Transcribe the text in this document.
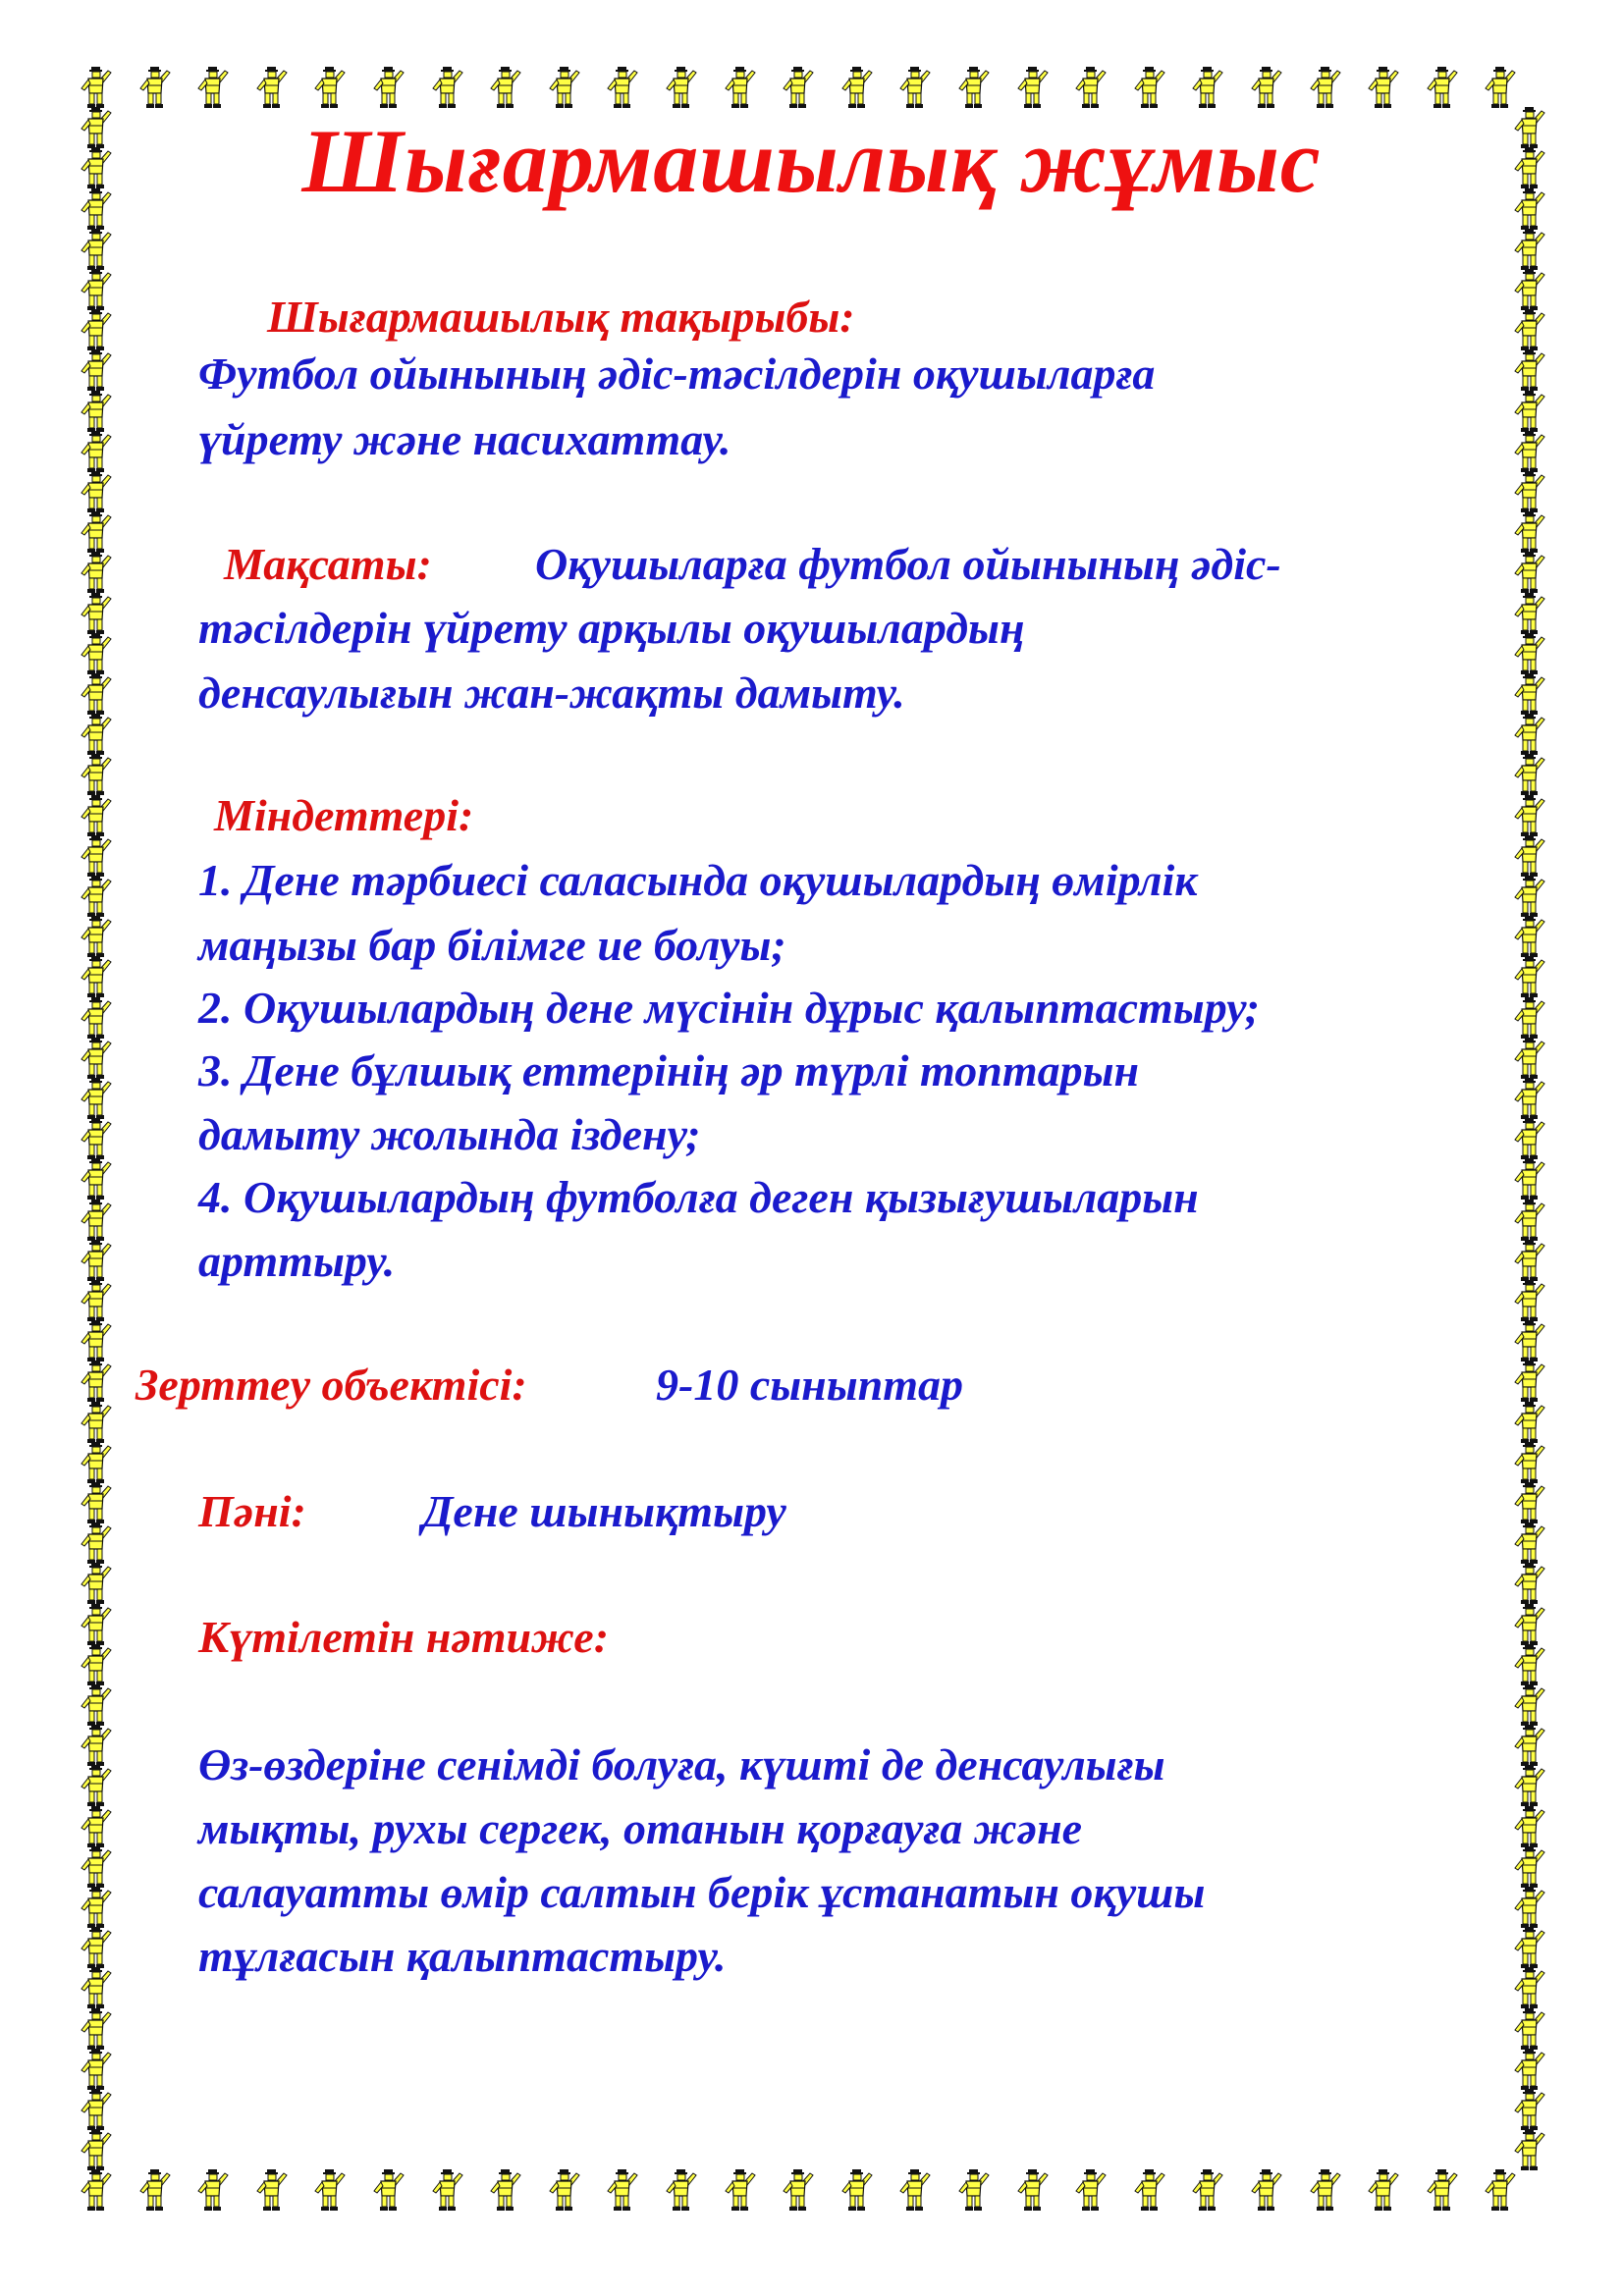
Шығармашылық жұмыс

Шығармашылық тақырыбы:

Футбол ойынының әдіс-тәсілдерін оқушыларға

үйрету және насихаттау.

Мақсаты: Оқушыларға футбол ойынының әдіс-

тәсілдерін үйрету арқылы оқушылардың

денсаулығын жан-жақты дамыту.

Міндеттері:

1. Дене тәрбиесі саласында оқушылардың өмірлік

маңызы бар білімге ие болуы;

2. Оқушылардың дене мүсінін дұрыс қалыптастыру;

3. Дене бұлшық еттерінің әр түрлі топтарын

дамыту жолында іздену;

4. Оқушылардың футболға деген қызығушыларын

арттыру.

Зерттеу объектісі:	9-10 сыныптар

Пәні:	Дене шынықтыру

Күтілетін нәтиже:

Өз-өздеріне сенімді болуға, күшті де денсаулығы

мықты, рухы сергек, отанын қорғауға және

салауатты өмір салтын берік ұстанатын оқушы

тұлғасын қалыптастыру.
